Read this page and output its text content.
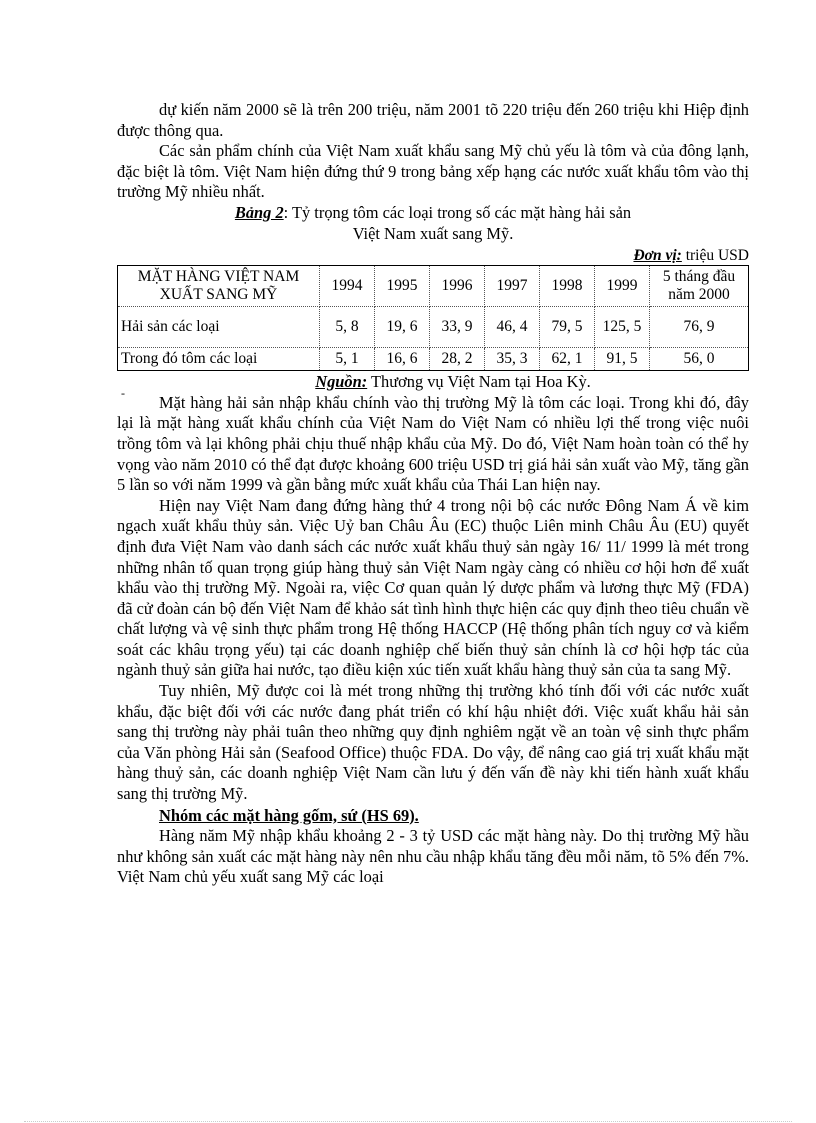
dự kiến năm 2000 sẽ là trên 200 triệu, năm 2001 tõ 220 triệu đến 260 triệu khi Hiệp định được thông qua.

Các sản phẩm chính của Việt Nam xuất khẩu sang Mỹ chủ yếu là tôm và của đông lạnh, đặc biệt là tôm. Việt Nam hiện đứng thứ 9 trong bảng xếp hạng các nước xuất khẩu tôm vào thị trường Mỹ nhiều nhất.

Bảng 2: Tỷ trọng tôm các loại trong số các mặt hàng hải sản

Việt Nam xuất sang Mỹ.

Đơn vị: triệu USD

MẶT HÀNG VIỆT NAM XUẤT SANG MỸ	1994	1995	1996	1997	1998	1999	5 tháng đầu năm 2000
Hải sản các loại	5, 8	19, 6	33, 9	46, 4	79, 5	125, 5	76, 9
Trong đó tôm các loại	5, 1	16, 6	28, 2	35, 3	62, 1	91, 5	56, 0

Nguồn: Thương vụ Việt Nam tại Hoa Kỳ.

Mặt hàng hải sản nhập khẩu chính vào thị trường Mỹ là tôm các loại. Trong khi đó, đây lại là mặt hàng xuất khẩu chính của Việt Nam do Việt Nam có nhiều lợi thế trong việc nuôi trồng tôm và lại không phải chịu thuế nhập khẩu của Mỹ. Do đó, Việt Nam hoàn toàn có thể hy vọng vào năm 2010 có thể đạt được khoảng 600 triệu USD trị giá hải sản xuất vào Mỹ, tăng gần 5 lần so với năm 1999 và gần bằng mức xuất khẩu của Thái Lan hiện nay.

Hiện nay Việt Nam đang đứng hàng thứ 4 trong nội bộ các nước Đông Nam Á về kim ngạch xuất khẩu thủy sản. Việc Uỷ ban Châu Âu (EC) thuộc Liên minh Châu Âu (EU) quyết định đưa Việt Nam vào danh sách các nước xuất khẩu thuỷ sản ngày 16/ 11/ 1999 là mét trong những nhân tố quan trọng giúp hàng thuỷ sản Việt Nam ngày càng có nhiều cơ hội hơn để xuất khẩu vào thị trường Mỹ. Ngoài ra, việc Cơ quan quản lý dược phẩm và lương thực Mỹ (FDA) đã cử đoàn cán bộ đến Việt Nam để khảo sát tình hình thực hiện các quy định theo tiêu chuẩn về chất lượng và vệ sinh thực phẩm trong Hệ thống HACCP (Hệ thống phân tích nguy cơ và kiểm soát các khâu trọng yếu) tại các doanh nghiệp chế biến thuỷ sản chính là cơ hội hợp tác của ngành thuỷ sản giữa hai nước, tạo điều kiện xúc tiến xuất khẩu hàng thuỷ sản của ta sang Mỹ.

Tuy nhiên, Mỹ được coi là mét trong những thị trường khó tính đối với các nước xuất khẩu, đặc biệt đối với các nước đang phát triển có khí hậu nhiệt đới. Việc xuất khẩu hải sản sang thị trường này phải tuân theo những quy định nghiêm ngặt về an toàn vệ sinh thực phẩm của Văn phòng Hải sản (Seafood Office) thuộc FDA. Do vậy, để nâng cao giá trị xuất khẩu mặt hàng thuỷ sản, các doanh nghiệp Việt Nam cần lưu ý đến vấn đề này khi tiến hành xuất khẩu sang thị trường Mỹ.

Nhóm các mặt hàng gốm, sứ (HS 69).

Hàng năm Mỹ nhập khẩu khoảng 2 - 3 tỷ USD các mặt hàng này. Do thị trường Mỹ hầu như không sản xuất các mặt hàng này nên nhu cầu nhập khẩu tăng đều mỗi năm, tõ 5% đến 7%. Việt Nam chủ yếu xuất sang Mỹ các loại

-
